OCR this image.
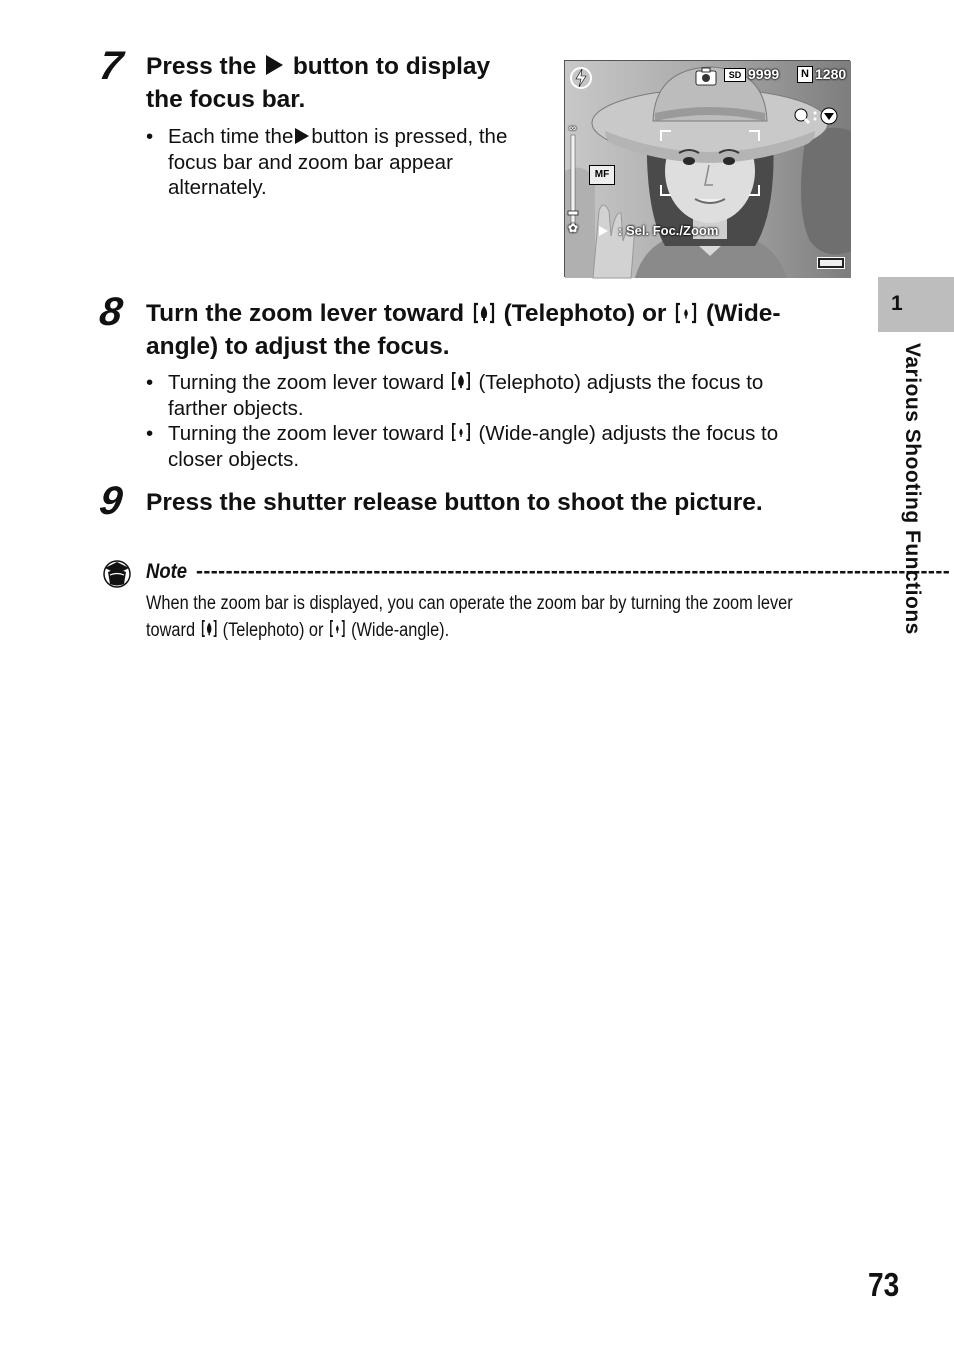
7 Press the button to display
the focus bar.
• Each time the button is pressed, the
focus bar and zoom bar appear
alternately.
SD 9999	N 1280
∞
MF
✿	: Sel. Foc./Zoom
8 Turn the zoom lever toward (Telephoto) or (Wide-
angle) to adjust the focus.
• Turning the zoom lever toward (Telephoto) adjusts the focus to
farther objects.
• Turning the zoom lever toward (Wide-angle) adjusts the focus to
closer objects.
9 Press the shutter release button to shoot the picture.
Note ------------------------------------------------------------------------------------------------------
When the zoom bar is displayed, you can operate the zoom bar by turning the zoom lever
toward (Telephoto) or (Wide-angle).
1
Various Shooting Functions
73
